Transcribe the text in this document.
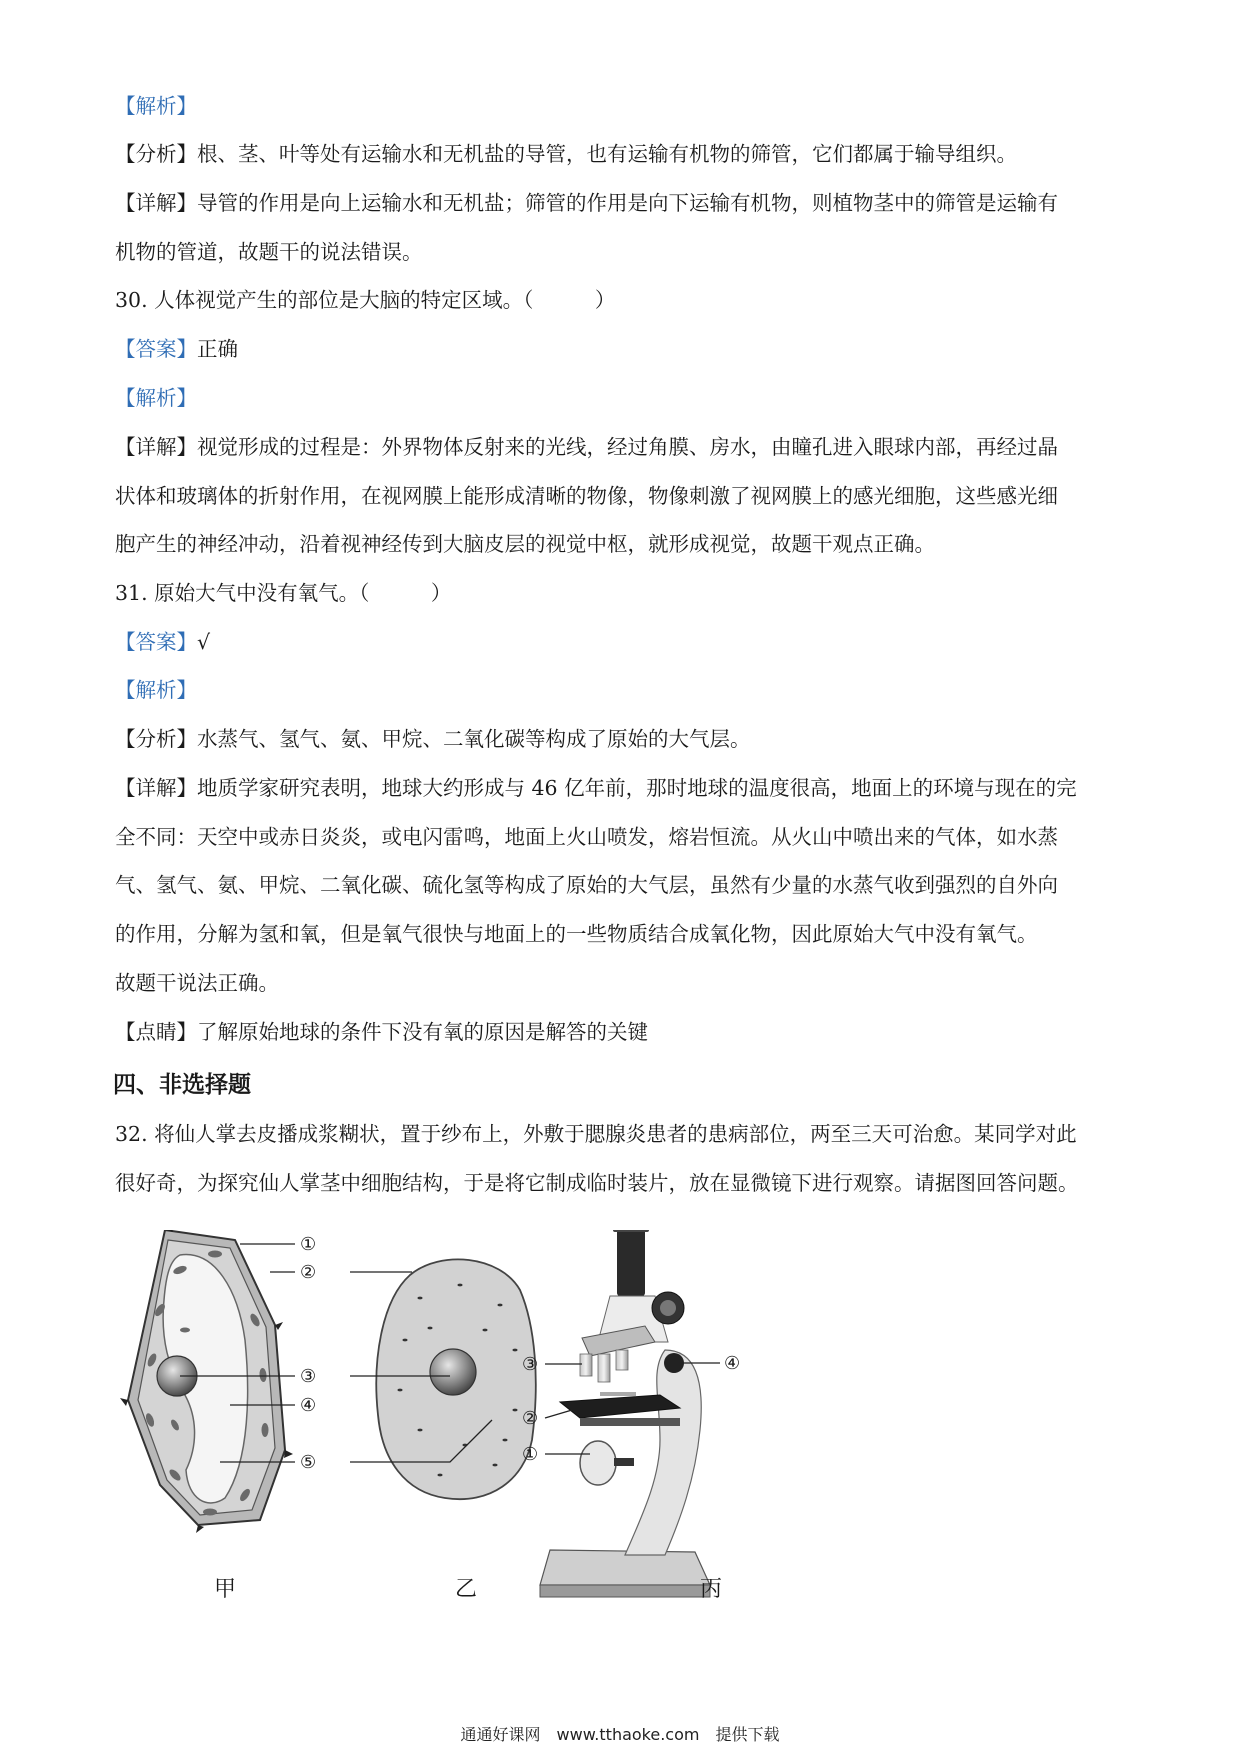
【解析】
【分析】根、茎、叶等处有运输水和无机盐的导管，也有运输有机物的筛管，它们都属于输导组织。
【详解】导管的作用是向上运输水和无机盐；筛管的作用是向下运输有机物，则植物茎中的筛管是运输有
机物的管道，故题干的说法错误。
30. 人体视觉产生的部位是大脑的特定区域。（　　　）
【答案】正确
【解析】
【详解】视觉形成的过程是：外界物体反射来的光线，经过角膜、房水，由瞳孔进入眼球内部，再经过晶
状体和玻璃体的折射作用，在视网膜上能形成清晰的物像，物像刺激了视网膜上的感光细胞，这些感光细
胞产生的神经冲动，沿着视神经传到大脑皮层的视觉中枢，就形成视觉，故题干观点正确。
31. 原始大气中没有氧气。（　　　）
【答案】√
【解析】
【分析】水蒸气、氢气、氨、甲烷、二氧化碳等构成了原始的大气层。
【详解】地质学家研究表明，地球大约形成与 46 亿年前，那时地球的温度很高，地面上的环境与现在的完
全不同：天空中或赤日炎炎，或电闪雷鸣，地面上火山喷发，熔岩恒流。从火山中喷出来的气体，如水蒸
气、氢气、氨、甲烷、二氧化碳、硫化氢等构成了原始的大气层，虽然有少量的水蒸气收到强烈的自外向
的作用，分解为氢和氧，但是氧气很快与地面上的一些物质结合成氧化物，因此原始大气中没有氧气。
故题干说法正确。
【点睛】了解原始地球的条件下没有氧的原因是解答的关键
四、非选择题
32. 将仙人掌去皮播成浆糊状，置于纱布上，外敷于腮腺炎患者的患病部位，两至三天可治愈。某同学对此
很好奇，为探究仙人掌茎中细胞结构，于是将它制成临时装片，放在显微镜下进行观察。请据图回答问题。
①
②
③
④
⑤
③	④
②
①
甲	乙	丙
通通好课网　www.tthaoke.com　提供下载
